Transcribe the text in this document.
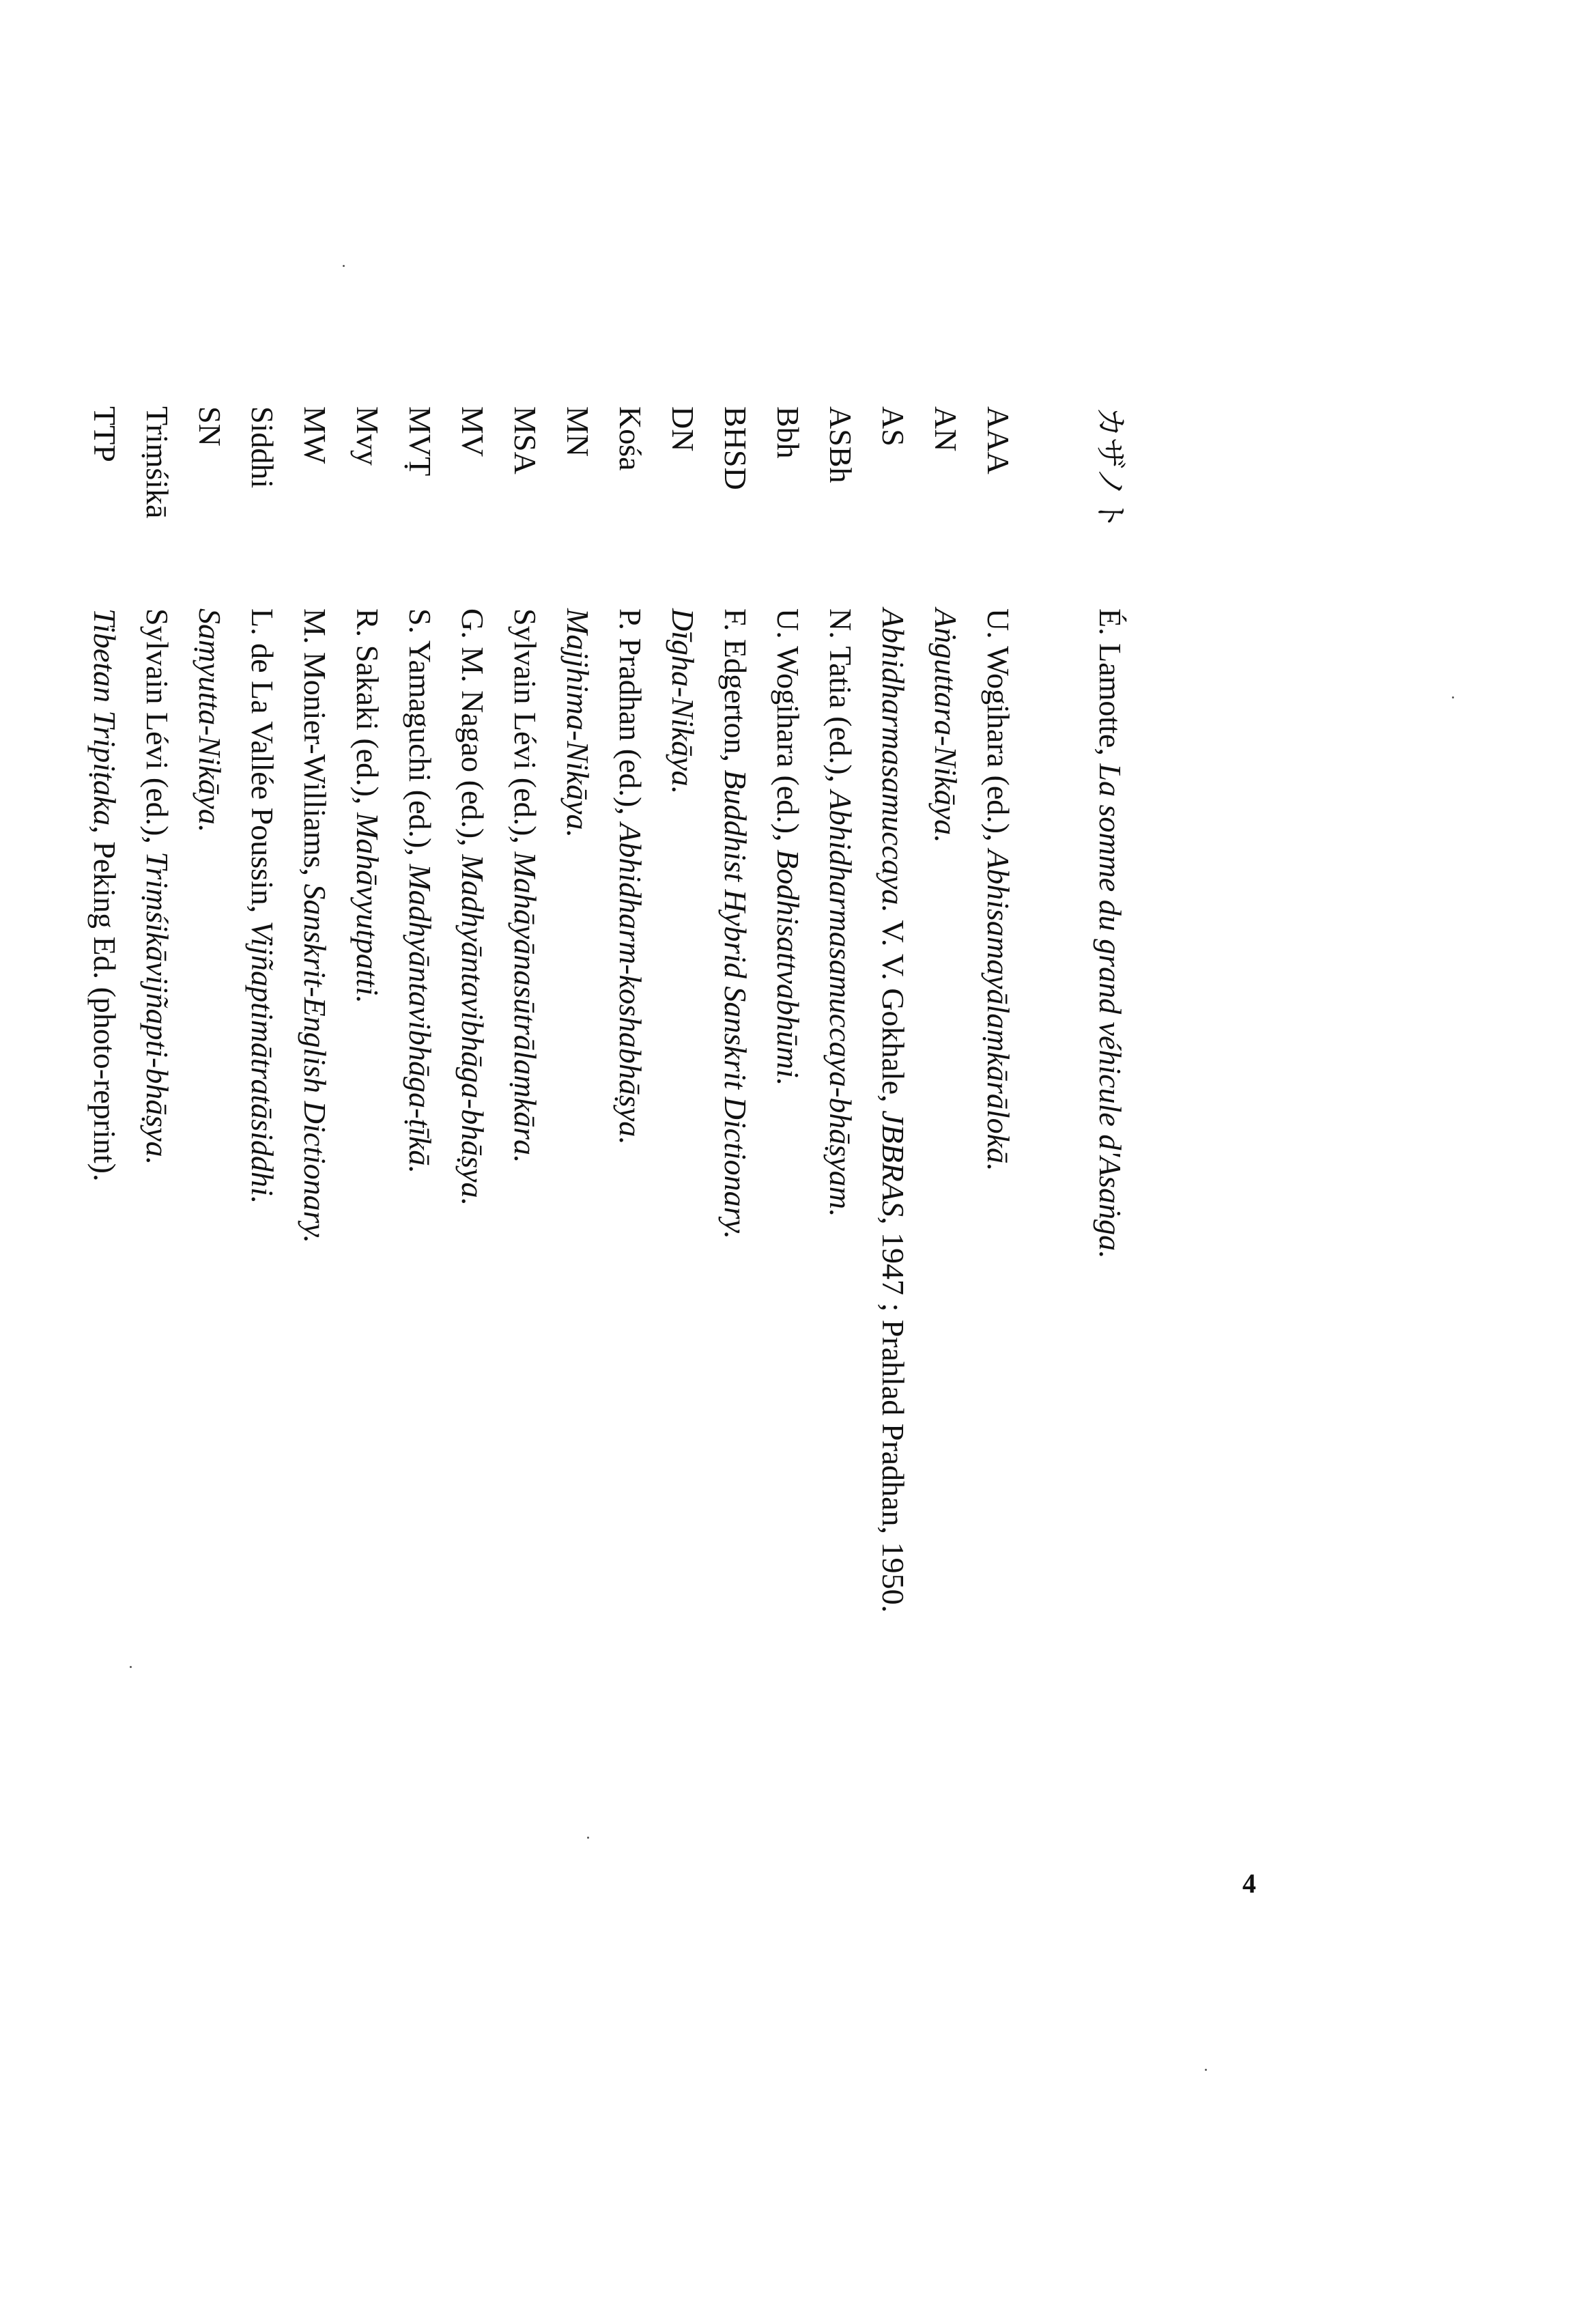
カザノト
É. Lamotte, La somme du grand véhicule d'Asaṅga.
AAA
U. Wogihara (ed.), Abhisamayālaṃkārālokā.
AN
Aṅguttara-Nikāya.
AS
Abhidharmasamuccaya. V. V. Gokhale, JBBRAS, 1947 ; Prahlad Pradhan, 1950.
ASBh
N. Tatia (ed.), Abhidharmasamuccaya-bhāṣyam.
Bbh
U. Wogihara (ed.), Bodhisattvabhūmi.
BHSD
F. Edgerton, Buddhist Hybrid Sanskrit Dictionary.
DN
Dīgha-Nikāya.
Kośa
P. Pradhan (ed.), Abhidharm-koshabhāṣya.
MN
Majjhima-Nikāya.
MSA
Sylvain Lévi (ed.), Mahāyānasūtrālaṃkāra.
MV
G. M. Nagao (ed.), Madhyāntavibhāga-bhāṣya.
MVṬ
S. Yamaguchi (ed.), Madhyāntavibhāga-ṭīkā.
Mvy
R. Sakaki (ed.), Mahāvyutpatti.
MW
M. Monier-Williams, Sanskrit-English Dictionary.
Siddhi
L. de La Vallée Poussin, Vijñaptimātratāsiddhi.
SN
Saṃyutta-Nikāya.
Triṃśikā
Sylvain Lévi (ed.), Triṃśikāvijñapti-bhāṣya.
TTP
Tibetan Tripiṭaka, Peking Ed. (photo-reprint).
4
